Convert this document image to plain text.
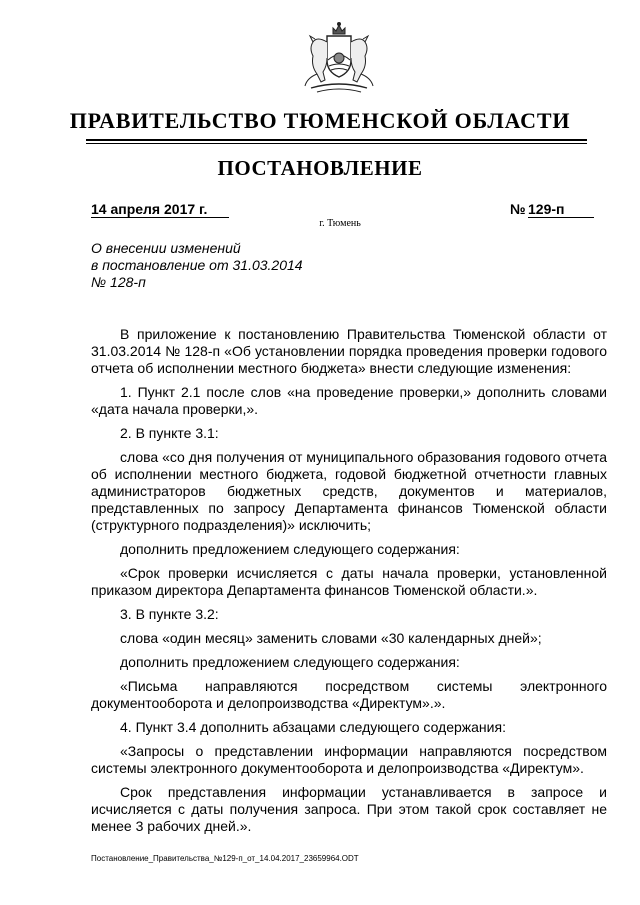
ПРАВИТЕЛЬСТВО ТЮМЕНСКОЙ ОБЛАСТИ
ПОСТАНОВЛЕНИЕ
14 апреля 2017 г.	№ 129-п
г. Тюмень
О внесении изменений
в постановление от 31.03.2014
№ 128-п

В приложение к постановлению Правительства Тюменской области от 31.03.2014 № 128-п «Об установлении порядка проведения проверки годового отчета об исполнении местного бюджета» внести следующие изменения:

1. Пункт 2.1 после слов «на проведение проверки,» дополнить словами «дата начала проверки,».

2. В пункте 3.1:

слова «со дня получения от муниципального образования годового отчета об исполнении местного бюджета, годовой бюджетной отчетности главных администраторов бюджетных средств, документов и материалов, представленных по запросу Департамента финансов Тюменской области (структурного подразделения)» исключить;

дополнить предложением следующего содержания:

«Срок проверки исчисляется с даты начала проверки, установленной приказом директора Департамента финансов Тюменской области.».

3. В пункте 3.2:

слова «один месяц» заменить словами «30 календарных дней»;

дополнить предложением следующего содержания:

«Письма направляются посредством системы электронного документооборота и делопроизводства «Директум».».

4. Пункт 3.4 дополнить абзацами следующего содержания:

«Запросы о представлении информации направляются посредством системы электронного документооборота и делопроизводства «Директум».

Срок представления информации устанавливается в запросе и исчисляется с даты получения запроса. При этом такой срок составляет не менее 3 рабочих дней.».

Постановление_Правительства_№129-п_от_14.04.2017_23659964.ODT
